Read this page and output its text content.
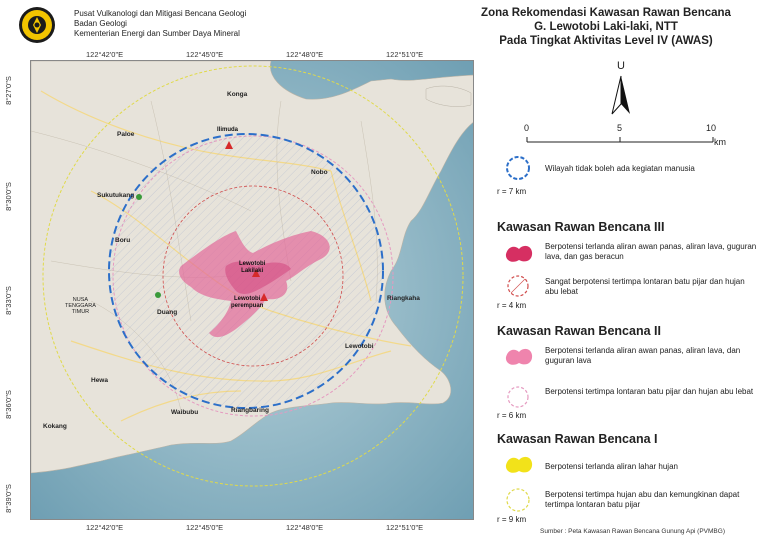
Pusat Vulkanologi dan Mitigasi Bencana Geologi
Badan Geologi
Kementerian Energi dan Sumber Daya Mineral
Zona Rekomendasi Kawasan Rawan Bencana
G. Lewotobi Laki-laki, NTT
Pada Tingkat Aktivitas Level IV (AWAS)
122°42'0"E	122°45'0"E	122°48'0"E	122°51'0"E
122°42'0"E	122°45'0"E	122°48'0"E	122°51'0"E
8°27'0"S
8°30'0"S
8°33'0"S
8°36'0"S
8°39'0"S
Ilimuda
Lewotobi
Lakilaki
Lewotobi
perempuan
Konga
Nobo
Boru
Paloe
Sukutukang
Riangkaha
Lewotobi
Riangbaring
Hewa
Kokang
Waibubu
Duang
NUSA
TENGGARA
TIMUR
U
0	5	10
km
Wilayah tidak boleh ada kegiatan manusia
r = 7 km
Kawasan Rawan Bencana III
Berpotensi terlanda aliran awan panas, aliran lava, guguran lava, dan gas beracun
Sangat berpotensi tertimpa lontaran batu pijar dan hujan abu lebat
r = 4 km
Kawasan Rawan Bencana II
Berpotensi terlanda aliran awan panas, aliran lava, dan guguran lava
Berpotensi tertimpa lontaran batu pijar dan hujan abu lebat
r = 6 km
Kawasan Rawan Bencana I
Berpotensi terlanda aliran lahar hujan
Berpotensi tertimpa hujan abu dan kemungkinan dapat tertimpa lontaran batu pijar
r = 9 km
Sumber : Peta Kawasan Rawan Bencana Gunung Api (PVMBG)
